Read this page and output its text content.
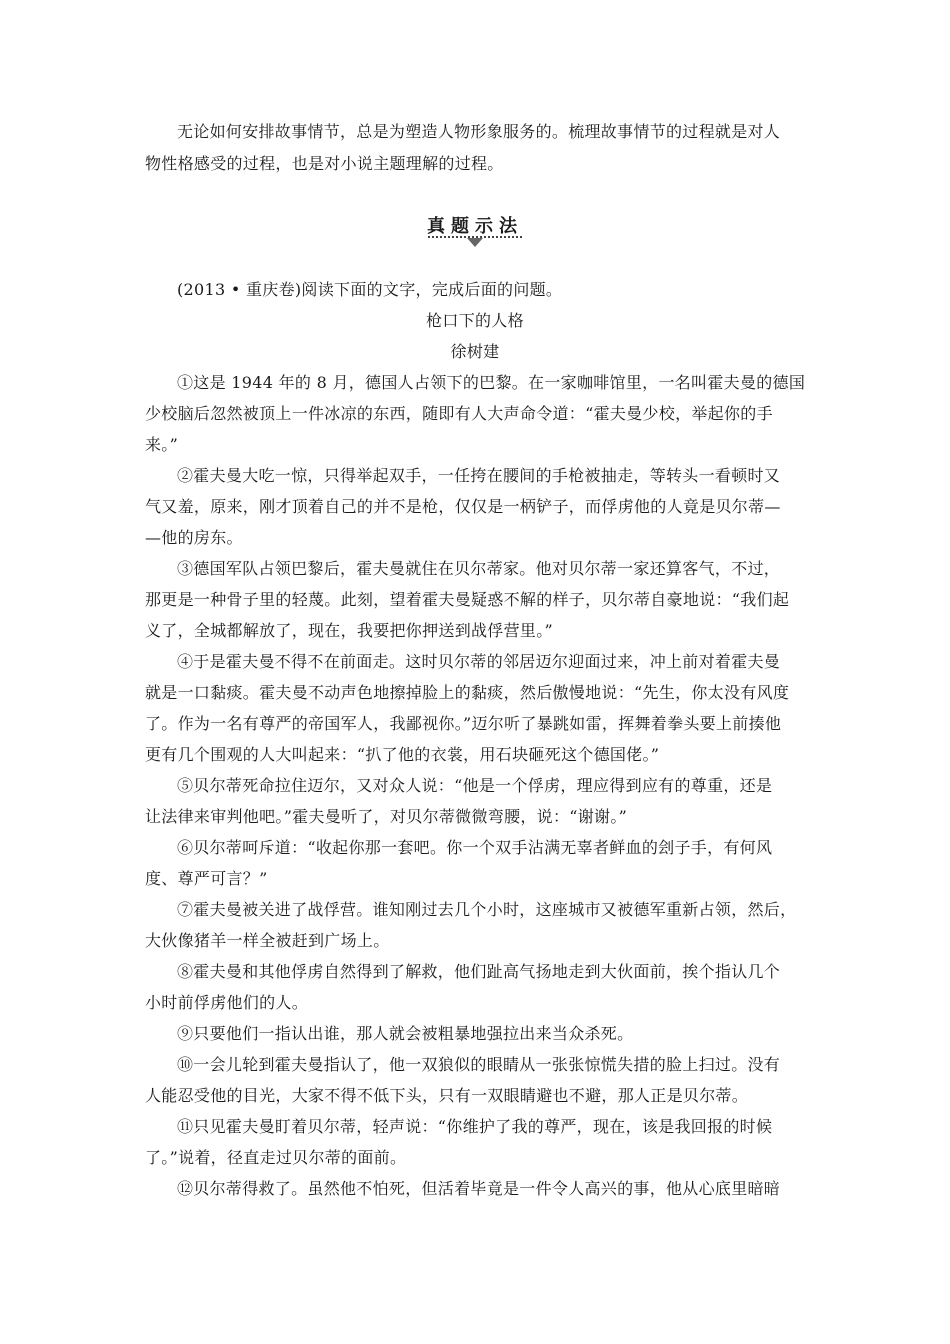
无论如何安排故事情节，总是为塑造人物形象服务的。梳理故事情节的过程就是对人
物性格感受的过程，也是对小说主题理解的过程。
真题示法
(2013 • 重庆卷)阅读下面的文字，完成后面的问题。
枪口下的人格
徐树建
①这是 1944 年的 8 月，德国人占领下的巴黎。在一家咖啡馆里，一名叫霍夫曼的德国
少校脑后忽然被顶上一件冰凉的东西，随即有人大声命令道：“霍夫曼少校，举起你的手
来。”
②霍夫曼大吃一惊，只得举起双手，一任挎在腰间的手枪被抽走，等转头一看顿时又
气又羞，原来，刚才顶着自己的并不是枪，仅仅是一柄铲子，而俘虏他的人竟是贝尔蒂—
—他的房东。
③德国军队占领巴黎后，霍夫曼就住在贝尔蒂家。他对贝尔蒂一家还算客气，不过，
那更是一种骨子里的轻蔑。此刻，望着霍夫曼疑惑不解的样子，贝尔蒂自豪地说：“我们起
义了，全城都解放了，现在，我要把你押送到战俘营里。”
④于是霍夫曼不得不在前面走。这时贝尔蒂的邻居迈尔迎面过来，冲上前对着霍夫曼
就是一口黏痰。霍夫曼不动声色地擦掉脸上的黏痰，然后傲慢地说：“先生，你太没有风度
了。作为一名有尊严的帝国军人，我鄙视你。”迈尔听了暴跳如雷，挥舞着拳头要上前揍他
更有几个围观的人大叫起来：“扒了他的衣裳，用石块砸死这个德国佬。”
⑤贝尔蒂死命拉住迈尔，又对众人说：“他是一个俘虏，理应得到应有的尊重，还是
让法律来审判他吧。”霍夫曼听了，对贝尔蒂微微弯腰，说：“谢谢。”
⑥贝尔蒂呵斥道：“收起你那一套吧。你一个双手沾满无辜者鲜血的刽子手，有何风
度、尊严可言？”
⑦霍夫曼被关进了战俘营。谁知刚过去几个小时，这座城市又被德军重新占领，然后，
大伙像猪羊一样全被赶到广场上。
⑧霍夫曼和其他俘虏自然得到了解救，他们趾高气扬地走到大伙面前，挨个指认几个
小时前俘虏他们的人。
⑨只要他们一指认出谁，那人就会被粗暴地强拉出来当众杀死。
⑩一会儿轮到霍夫曼指认了，他一双狼似的眼睛从一张张惊慌失措的脸上扫过。没有
人能忍受他的目光，大家不得不低下头，只有一双眼睛避也不避，那人正是贝尔蒂。
⑪只见霍夫曼盯着贝尔蒂，轻声说：“你维护了我的尊严，现在，该是我回报的时候
了。”说着，径直走过贝尔蒂的面前。
⑫贝尔蒂得救了。虽然他不怕死，但活着毕竟是一件令人高兴的事，他从心底里暗暗
